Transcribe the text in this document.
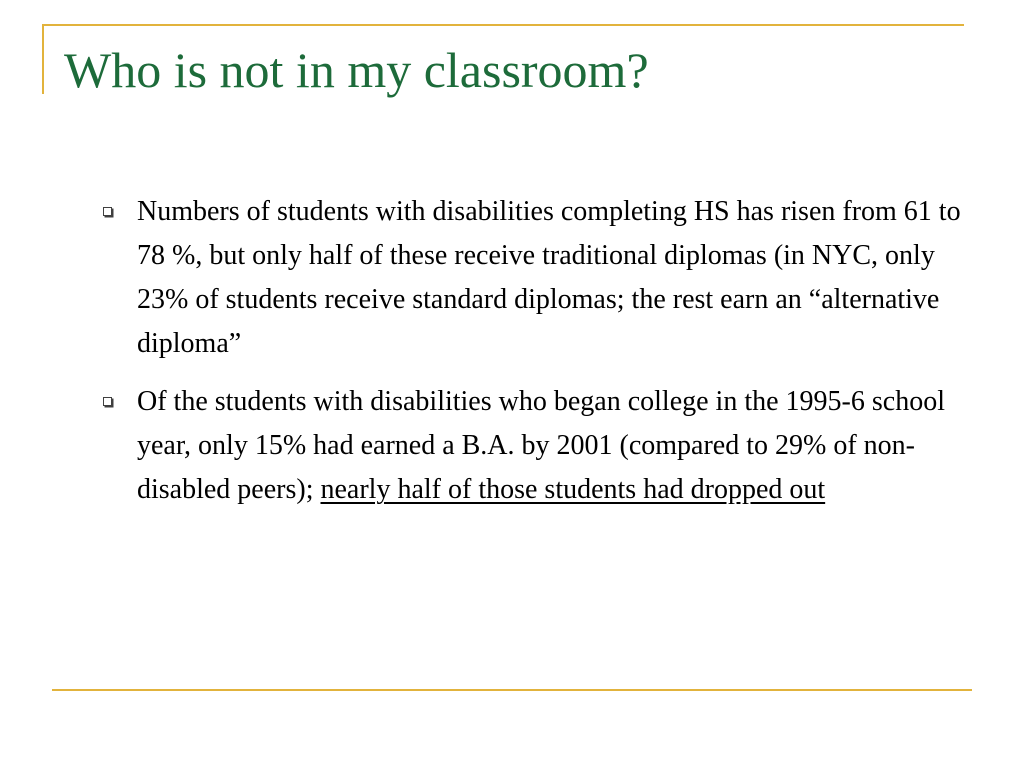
Who is not in my classroom?
Numbers of students with disabilities completing HS has risen from 61 to 78 %, but only half of these receive traditional diplomas (in NYC, only 23% of students receive standard diplomas; the rest earn an “alternative diploma”
Of the students with disabilities who began college in the 1995-6 school year, only 15% had earned a B.A. by 2001 (compared to 29% of non-disabled peers); nearly half of those students had dropped out
